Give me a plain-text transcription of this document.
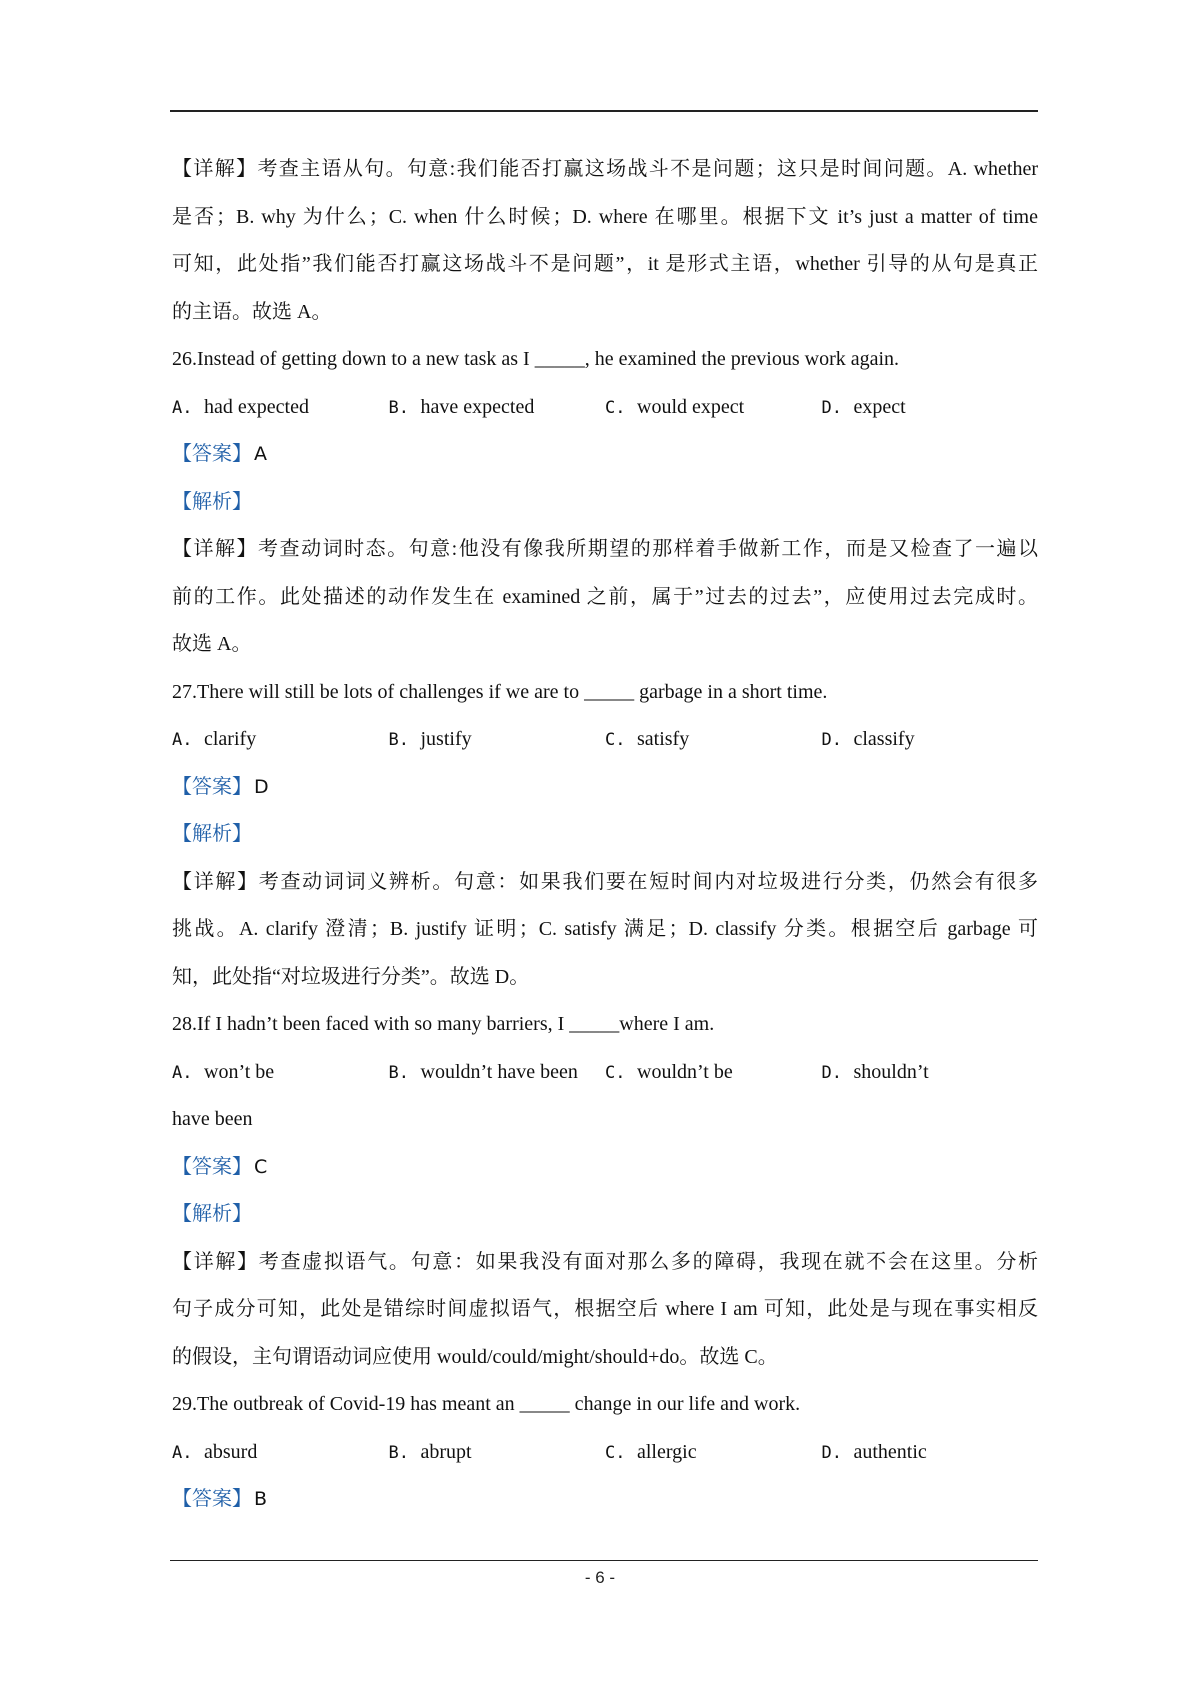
【详解】考查主语从句。句意:我们能否打赢这场战斗不是问题；这只是时间问题。A. whether
是否；B. why 为什么；C. when 什么时候；D. where 在哪里。根据下文 it’s just a matter of time
可知，此处指”我们能否打赢这场战斗不是问题”，it 是形式主语，whether 引导的从句是真正
的主语。故选 A。
26.Instead of getting down to a new task as I _____, he examined the previous work again.
A. had expected	B. have expected	C. would expect	D. expect
【答案】 A
【解析】
【详解】考查动词时态。句意:他没有像我所期望的那样着手做新工作，而是又检查了一遍以
前的工作。此处描述的动作发生在 examined 之前，属于”过去的过去”，应使用过去完成时。
故选 A。
27.There will still be lots of challenges if we are to _____ garbage in a short time.
A. clarify	B. justify	C. satisfy	D. classify
【答案】 D
【解析】
【详解】考查动词词义辨析。句意：如果我们要在短时间内对垃圾进行分类，仍然会有很多
挑战。A. clarify 澄清；B. justify 证明；C. satisfy 满足；D. classify 分类。根据空后 garbage 可
知，此处指“对垃圾进行分类”。故选 D。
28.If I hadn’t been faced with so many barriers, I _____where I am.
A. won’t be	B. wouldn’t have been	C. wouldn’t be	D. shouldn’t
have been
【答案】 C
【解析】
【详解】考查虚拟语气。句意：如果我没有面对那么多的障碍，我现在就不会在这里。分析
句子成分可知，此处是错综时间虚拟语气，根据空后 where I am 可知，此处是与现在事实相反
的假设，主句谓语动词应使用 would/could/might/should+do。故选 C。
29.The outbreak of Covid-19 has meant an _____ change in our life and work.
A. absurd	B. abrupt	C. allergic	D. authentic
【答案】 B
- 6 -
